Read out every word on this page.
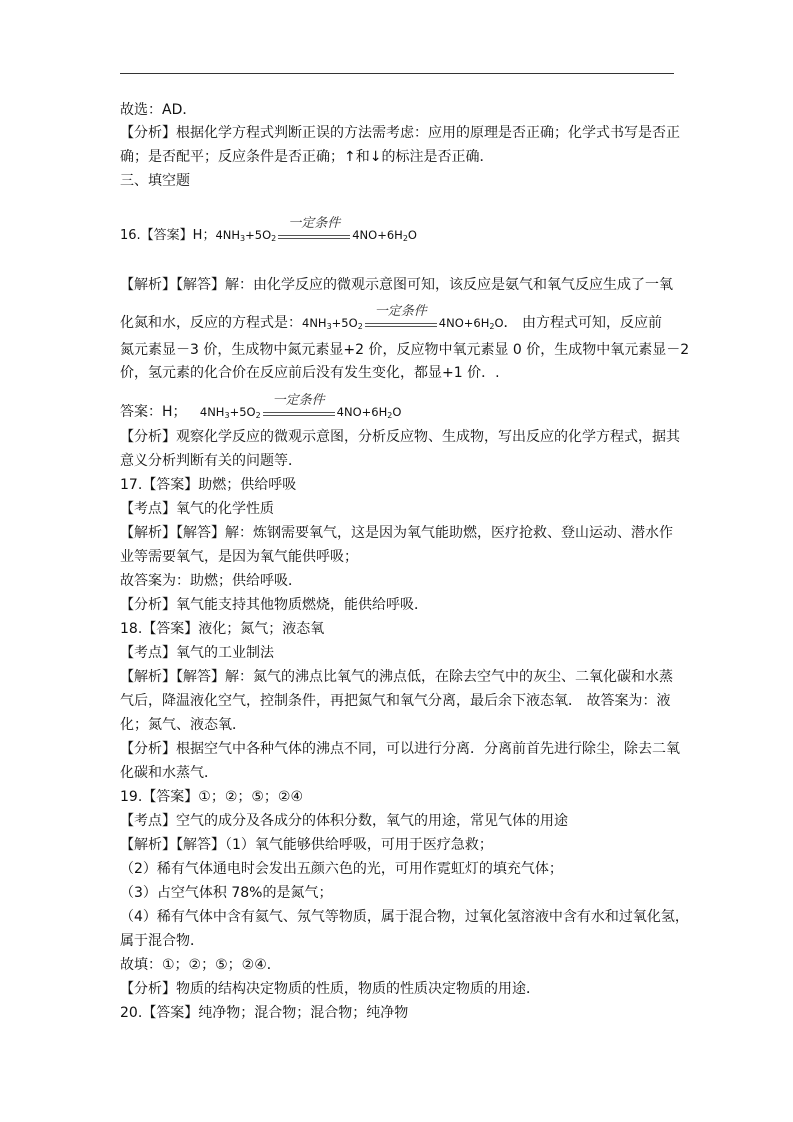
故选：AD．
【分析】根据化学方程式判断正误的方法需考虑：应用的原理是否正确；化学式书写是否正
确；是否配平；反应条件是否正确；↑和↓的标注是否正确．
三、填空题
16.【答案】H；$4NH_3+5O_2$
一定条件
$4NO+6H_2O$
【解析】【解答】解：由化学反应的微观示意图可知，该反应是氨气和氧气反应生成了一氧
化氮和水，反应的方程式是：$4NH_3+5O_2$
一定条件
$4NO+6H_2O$． 由方程式可知，反应前
氮元素显－3 价，生成物中氮元素显+2 价，反应物中氧元素显 0 价，生成物中氧元素显－2
价，氢元素的化合价在反应前后没有发生变化，都显+1 价．.
答案：H； $4NH_3+5O_2$
一定条件
$4NO+6H_2O$
【分析】观察化学反应的微观示意图，分析反应物、生成物，写出反应的化学方程式，据其
意义分析判断有关的问题等．
17.【答案】助燃；供给呼吸
【考点】氧气的化学性质
【解析】【解答】解：炼钢需要氧气，这是因为氧气能助燃，医疗抢救、登山运动、潜水作
业等需要氧气，是因为氧气能供呼吸；
故答案为：助燃；供给呼吸．
【分析】氧气能支持其他物质燃烧，能供给呼吸．
18.【答案】液化；氮气；液态氧
【考点】氧气的工业制法
【解析】【解答】解：氮气的沸点比氧气的沸点低，在除去空气中的灰尘、二氧化碳和水蒸
气后，降温液化空气，控制条件，再把氮气和氧气分离，最后余下液态氧． 故答案为：液
化；氮气、液态氧．
【分析】根据空气中各种气体的沸点不同，可以进行分离．分离前首先进行除尘，除去二氧
化碳和水蒸气．
19.【答案】①；②；⑤；②④
【考点】空气的成分及各成分的体积分数，氧气的用途，常见气体的用途
【解析】【解答】（1）氧气能够供给呼吸，可用于医疗急救；
（2）稀有气体通电时会发出五颜六色的光，可用作霓虹灯的填充气体；
（3）占空气体积 78%的是氮气；
（4）稀有气体中含有氦气、氖气等物质，属于混合物，过氧化氢溶液中含有水和过氧化氢，
属于混合物．
故填：①；②；⑤；②④．
【分析】物质的结构决定物质的性质，物质的性质决定物质的用途．
20.【答案】纯净物；混合物；混合物；纯净物
